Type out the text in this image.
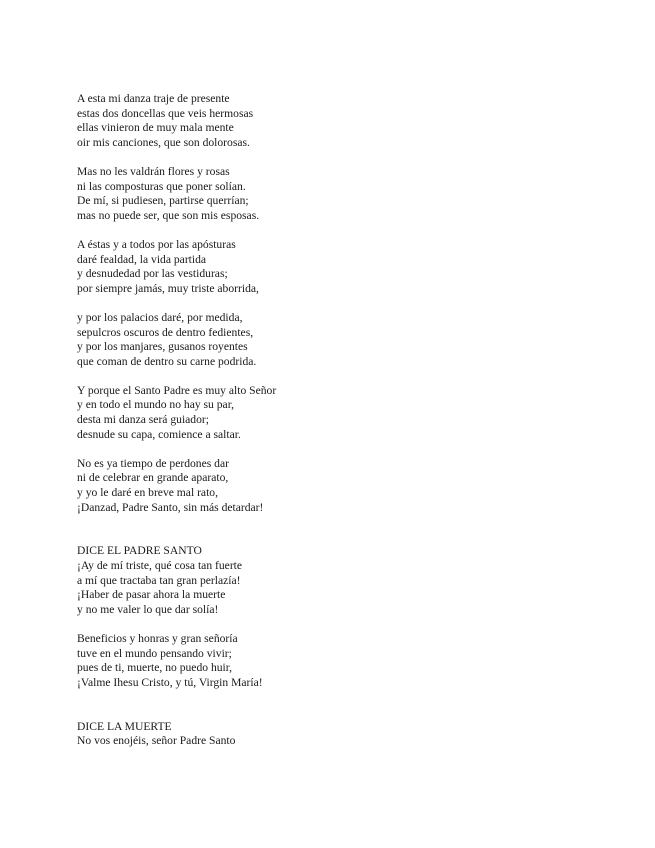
A esta mi danza traje de presente
estas dos doncellas que veis hermosas
ellas vinieron de muy mala mente
oir mis canciones, que son dolorosas.
Mas no les valdrán flores y rosas
ni las composturas que poner solían.
De mí, si pudiesen, partirse querrían;
mas no puede ser, que son mis esposas.
A éstas y a todos por las apósturas
daré fealdad, la vida partida
y desnudedad por las vestiduras;
por siempre jamás, muy triste aborrida,
y por los palacios daré, por medida,
sepulcros oscuros de dentro fedientes,
y por los manjares, gusanos royentes
que coman de dentro su carne podrida.
Y porque el Santo Padre es muy alto Señor
y en todo el mundo no hay su par,
desta mi danza será guiador;
desnude su capa, comience a saltar.
No es ya tiempo de perdones dar
ni de celebrar en grande aparato,
y yo le daré en breve mal rato,
¡Danzad, Padre Santo, sin más detardar!
DICE EL PADRE SANTO
¡Ay de mí triste, qué cosa tan fuerte
a mí que tractaba tan gran perlazía!
¡Haber de pasar ahora la muerte
y no me valer lo que dar solía!
Beneficios y honras y gran señoría
tuve en el mundo pensando vivir;
pues de ti, muerte, no puedo huir,
¡Valme Ihesu Cristo, y tú, Virgin María!
DICE LA MUERTE
No vos enojéis, señor Padre Santo
